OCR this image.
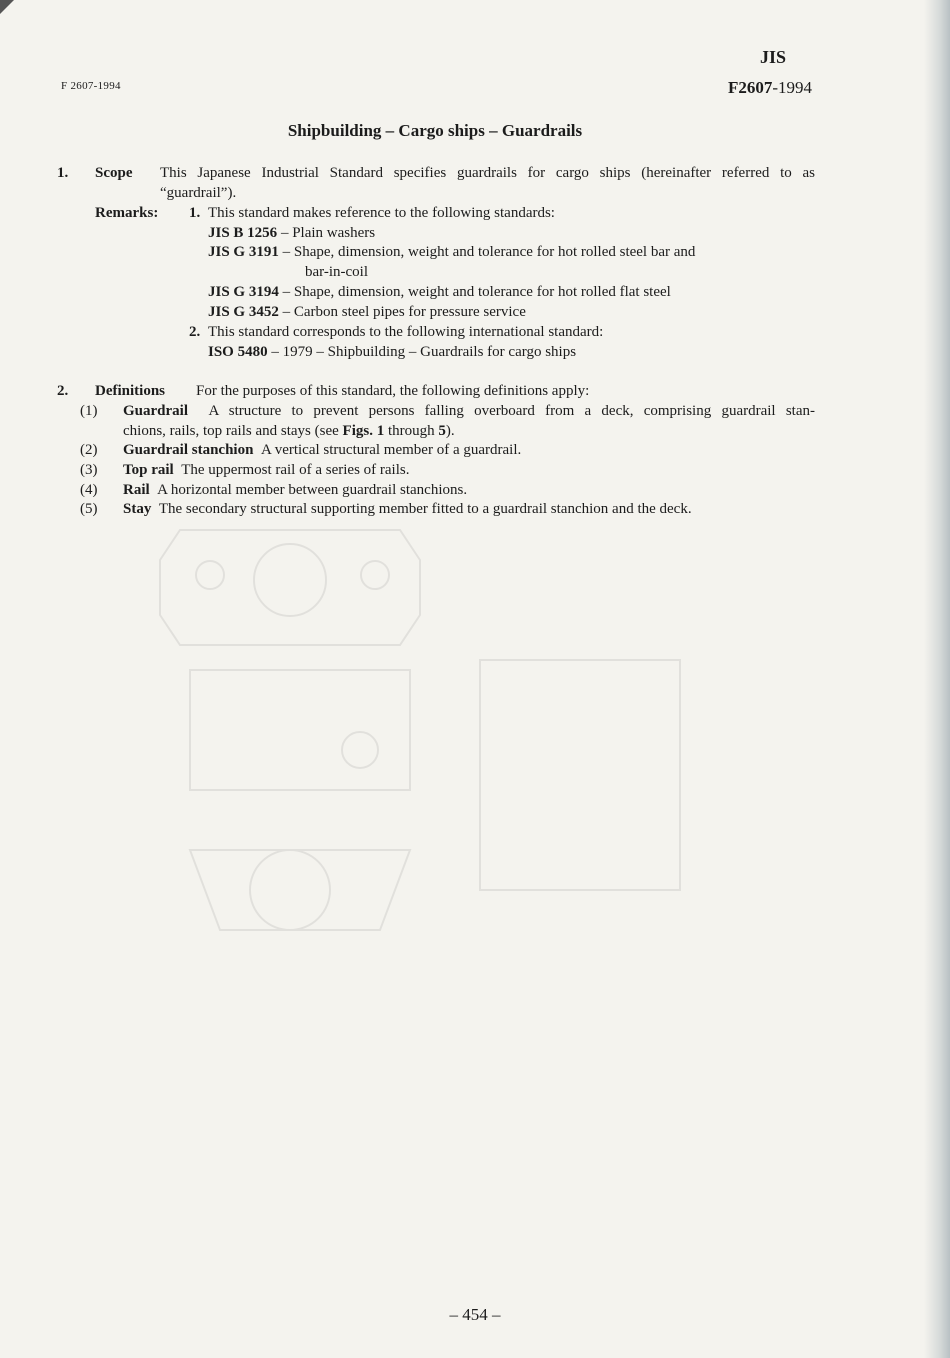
JIS
F2607-1994
F 2607-1994
Shipbuilding – Cargo ships – Guardrails
1. Scope This Japanese Industrial Standard specifies guardrails for cargo ships (hereinafter referred to as
“guardrail”).
Remarks: 1. This standard makes reference to the following standards:
JIS B 1256 – Plain washers
JIS G 3191 – Shape, dimension, weight and tolerance for hot rolled steel bar and
bar-in-coil
JIS G 3194 – Shape, dimension, weight and tolerance for hot rolled flat steel
JIS G 3452 – Carbon steel pipes for pressure service
2. This standard corresponds to the following international standard:
ISO 5480 – 1979 – Shipbuilding – Guardrails for cargo ships
2. Definitions For the purposes of this standard, the following definitions apply:
(1) Guardrail A structure to prevent persons falling overboard from a deck, comprising guardrail stan-
chions, rails, top rails and stays (see Figs. 1 through 5).
(2) Guardrail stanchion A vertical structural member of a guardrail.
(3) Top rail The uppermost rail of a series of rails.
(4) Rail A horizontal member between guardrail stanchions.
(5) Stay The secondary structural supporting member fitted to a guardrail stanchion and the deck.
– 454 –
